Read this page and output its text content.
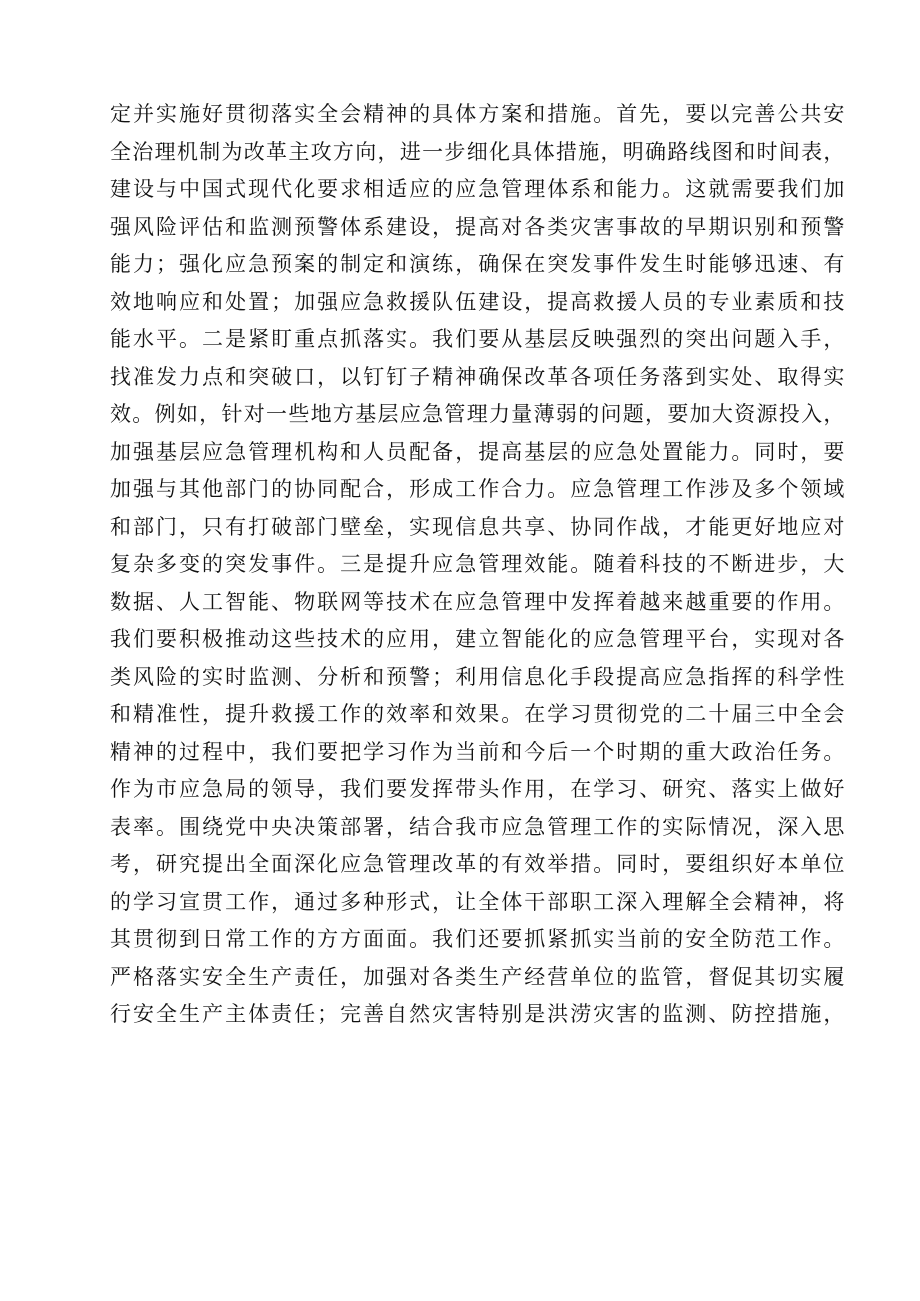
定并实施好贯彻落实全会精神的具体方案和措施。首先，要以完善公共安
全治理机制为改革主攻方向，进一步细化具体措施，明确路线图和时间表，
建设与中国式现代化要求相适应的应急管理体系和能力。这就需要我们加
强风险评估和监测预警体系建设，提高对各类灾害事故的早期识别和预警
能力；强化应急预案的制定和演练，确保在突发事件发生时能够迅速、有
效地响应和处置；加强应急救援队伍建设，提高救援人员的专业素质和技
能水平。二是紧盯重点抓落实。我们要从基层反映强烈的突出问题入手，
找准发力点和突破口，以钉钉子精神确保改革各项任务落到实处、取得实
效。例如，针对一些地方基层应急管理力量薄弱的问题，要加大资源投入，
加强基层应急管理机构和人员配备，提高基层的应急处置能力。同时，要
加强与其他部门的协同配合，形成工作合力。应急管理工作涉及多个领域
和部门，只有打破部门壁垒，实现信息共享、协同作战，才能更好地应对
复杂多变的突发事件。三是提升应急管理效能。随着科技的不断进步，大
数据、人工智能、物联网等技术在应急管理中发挥着越来越重要的作用。
我们要积极推动这些技术的应用，建立智能化的应急管理平台，实现对各
类风险的实时监测、分析和预警；利用信息化手段提高应急指挥的科学性
和精准性，提升救援工作的效率和效果。在学习贯彻党的二十届三中全会
精神的过程中，我们要把学习作为当前和今后一个时期的重大政治任务。
作为市应急局的领导，我们要发挥带头作用，在学习、研究、落实上做好
表率。围绕党中央决策部署，结合我市应急管理工作的实际情况，深入思
考，研究提出全面深化应急管理改革的有效举措。同时，要组织好本单位
的学习宣贯工作，通过多种形式，让全体干部职工深入理解全会精神，将
其贯彻到日常工作的方方面面。我们还要抓紧抓实当前的安全防范工作。
严格落实安全生产责任，加强对各类生产经营单位的监管，督促其切实履
行安全生产主体责任；完善自然灾害特别是洪涝灾害的监测、防控措施，
